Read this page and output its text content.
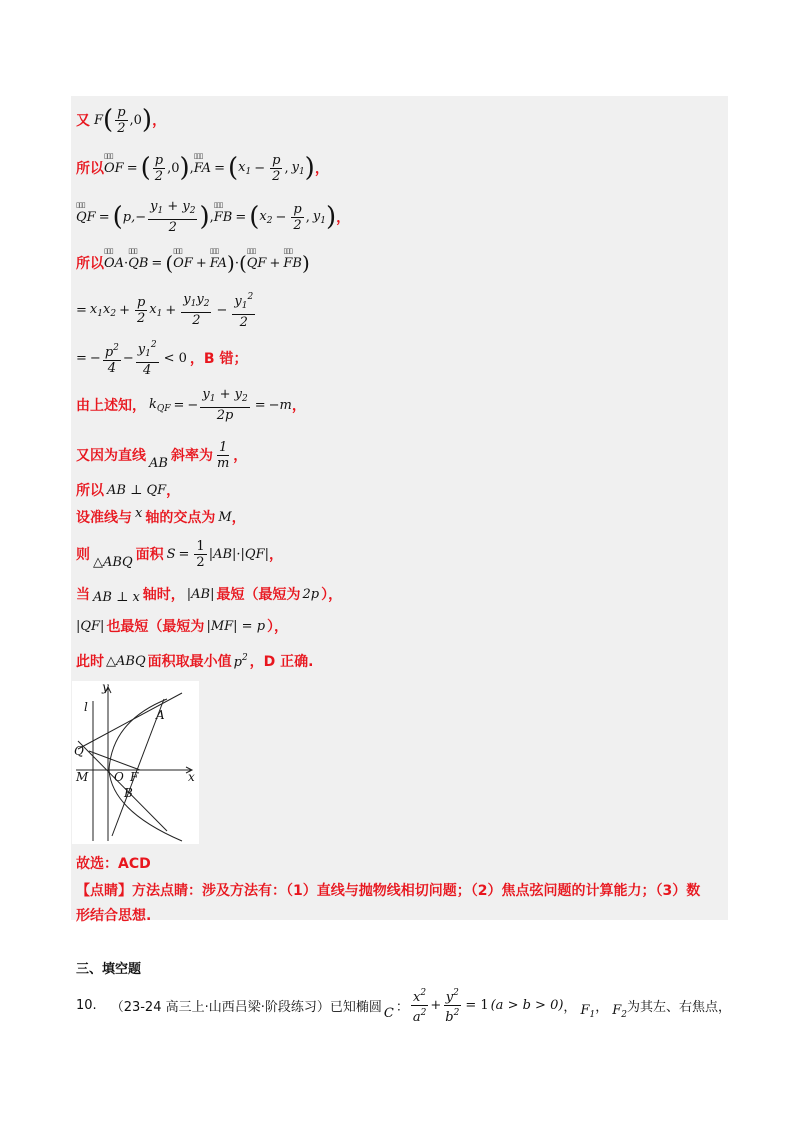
又 F ( $\frac{p}{2} ,0$ ) ，
所以
▯▯▯
OF = ( $\frac{p}{2} ,0$ ) ,
▯▯▯
FA = ( $x_1 - \frac{p}{2}$ , $y_1$ ) ，
▯▯▯
QF = ( p, − $\frac{y_1 + y_2}{2}$ ) ,
▯▯▯
FB = ( $x_2 - \frac{p}{2}$ , $y_1$ ) ，
所以
▯▯▯
OA ·
▯▯▯
QB = (
▯▯▯
OF +
▯▯▯
FA ) · (
▯▯▯
QF +
▯▯▯
FB )
= $x_1x_2 + \frac{p}{2} x_1 + \frac{y_1y_2}{2} - \frac{y_1^2}{2}$
= − $\frac{p^2}{4} - \frac{y_1^2}{4} < 0$ ，B 错；
由上述知， $k_{QF}$ = − $\frac{y_1 + y_2}{2p}$ = − m ，
又因为直线 AB 斜率为 $\frac{1}{m}$ ，
所以 AB ⊥ QF ，
设准线与 x 轴的交点为 M ，
则 △ABQ 面积 $S = \frac{1}{2} |AB|\cdot|QF|$ ，
当 AB ⊥ x 轴时， |AB| 最短（最短为 2p ），
|QF| 也最短（最短为 |MF| = p ），
此时 △ABQ 面积取最小值 $p^2$ ，D 正确.
y
x
l
A
Q
M O F
B
故选：ACD
【点睛】方法点睛：涉及方法有：（1）直线与抛物线相切问题；（2）焦点弦问题的计算能力；（3）数
形结合思想.
三、填空题
10. （23-24 高三上·山西吕梁·阶段练习）已知椭圆 C ： $\frac{x^2}{a^2} + \frac{y^2}{b^2} = 1$ (a > b > 0) ， $F_1$ ， $F_2$ 为其左、右焦点，
